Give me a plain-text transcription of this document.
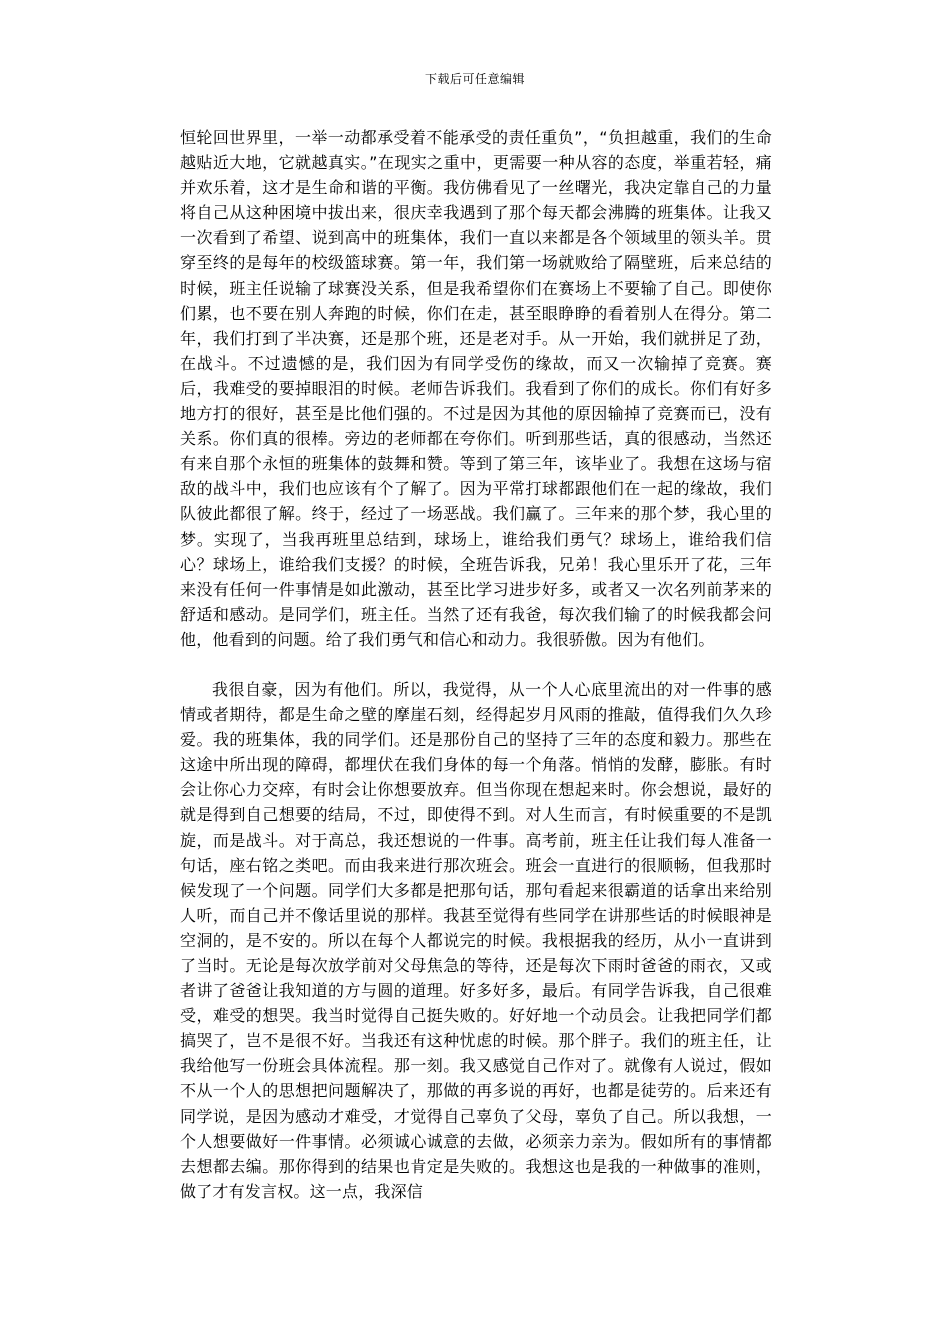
下载后可任意编辑

恒轮回世界里，一举一动都承受着不能承受的责任重负”，“负担越重，我们的生命越贴近大地，它就越真实。”在现实之重中，更需要一种从容的态度，举重若轻，痛并欢乐着，这才是生命和谐的平衡。我仿佛看见了一丝曙光，我决定靠自己的力量将自己从这种困境中拔出来，很庆幸我遇到了那个每天都会沸腾的班集体。让我又一次看到了希望、说到高中的班集体，我们一直以来都是各个领域里的领头羊。贯穿至终的是每年的校级篮球赛。第一年，我们第一场就败给了隔壁班，后来总结的时候，班主任说输了球赛没关系，但是我希望你们在赛场上不要输了自己。即使你们累，也不要在别人奔跑的时候，你们在走，甚至眼睁睁的看着别人在得分。第二年，我们打到了半决赛，还是那个班，还是老对手。从一开始，我们就拼足了劲，在战斗。不过遗憾的是，我们因为有同学受伤的缘故，而又一次输掉了竞赛。赛后，我难受的要掉眼泪的时候。老师告诉我们。我看到了你们的成长。你们有好多地方打的很好，甚至是比他们强的。不过是因为其他的原因输掉了竞赛而已，没有关系。你们真的很棒。旁边的老师都在夸你们。听到那些话，真的很感动，当然还有来自那个永恒的班集体的鼓舞和赞。等到了第三年，该毕业了。我想在这场与宿敌的战斗中，我们也应该有个了解了。因为平常打球都跟他们在一起的缘故，我们队彼此都很了解。终于，经过了一场恶战。我们赢了。三年来的那个梦，我心里的梦。实现了，当我再班里总结到，球场上，谁给我们勇气？球场上，谁给我们信心？球场上，谁给我们支援？的时候，全班告诉我，兄弟！我心里乐开了花，三年来没有任何一件事情是如此激动，甚至比学习进步好多，或者又一次名列前茅来的舒适和感动。是同学们，班主任。当然了还有我爸，每次我们输了的时候我都会问他，他看到的问题。给了我们勇气和信心和动力。我很骄傲。因为有他们。

我很自豪，因为有他们。所以，我觉得，从一个人心底里流出的对一件事的感情或者期待，都是生命之壁的摩崖石刻，经得起岁月风雨的推敲，值得我们久久珍爱。我的班集体，我的同学们。还是那份自己的坚持了三年的态度和毅力。那些在这途中所出现的障碍，都埋伏在我们身体的每一个角落。悄悄的发酵，膨胀。有时会让你心力交瘁，有时会让你想要放弃。但当你现在想起来时。你会想说，最好的就是得到自己想要的结局，不过，即使得不到。对人生而言，有时候重要的不是凯旋，而是战斗。对于高总，我还想说的一件事。高考前，班主任让我们每人准备一句话，座右铭之类吧。而由我来进行那次班会。班会一直进行的很顺畅，但我那时候发现了一个问题。同学们大多都是把那句话，那句看起来很霸道的话拿出来给别人听，而自己并不像话里说的那样。我甚至觉得有些同学在讲那些话的时候眼神是空洞的，是不安的。所以在每个人都说完的时候。我根据我的经历，从小一直讲到了当时。无论是每次放学前对父母焦急的等待，还是每次下雨时爸爸的雨衣，又或者讲了爸爸让我知道的方与圆的道理。好多好多，最后。有同学告诉我，自己很难受，难受的想哭。我当时觉得自己挺失败的。好好地一个动员会。让我把同学们都搞哭了，岂不是很不好。当我还有这种忧虑的时候。那个胖子。我们的班主任，让我给他写一份班会具体流程。那一刻。我又感觉自己作对了。就像有人说过，假如不从一个人的思想把问题解决了，那做的再多说的再好，也都是徒劳的。后来还有同学说，是因为感动才难受，才觉得自己辜负了父母，辜负了自己。所以我想，一个人想要做好一件事情。必须诚心诚意的去做，必须亲力亲为。假如所有的事情都去想都去编。那你得到的结果也肯定是失败的。我想这也是我的一种做事的准则，做了才有发言权。这一点，我深信
